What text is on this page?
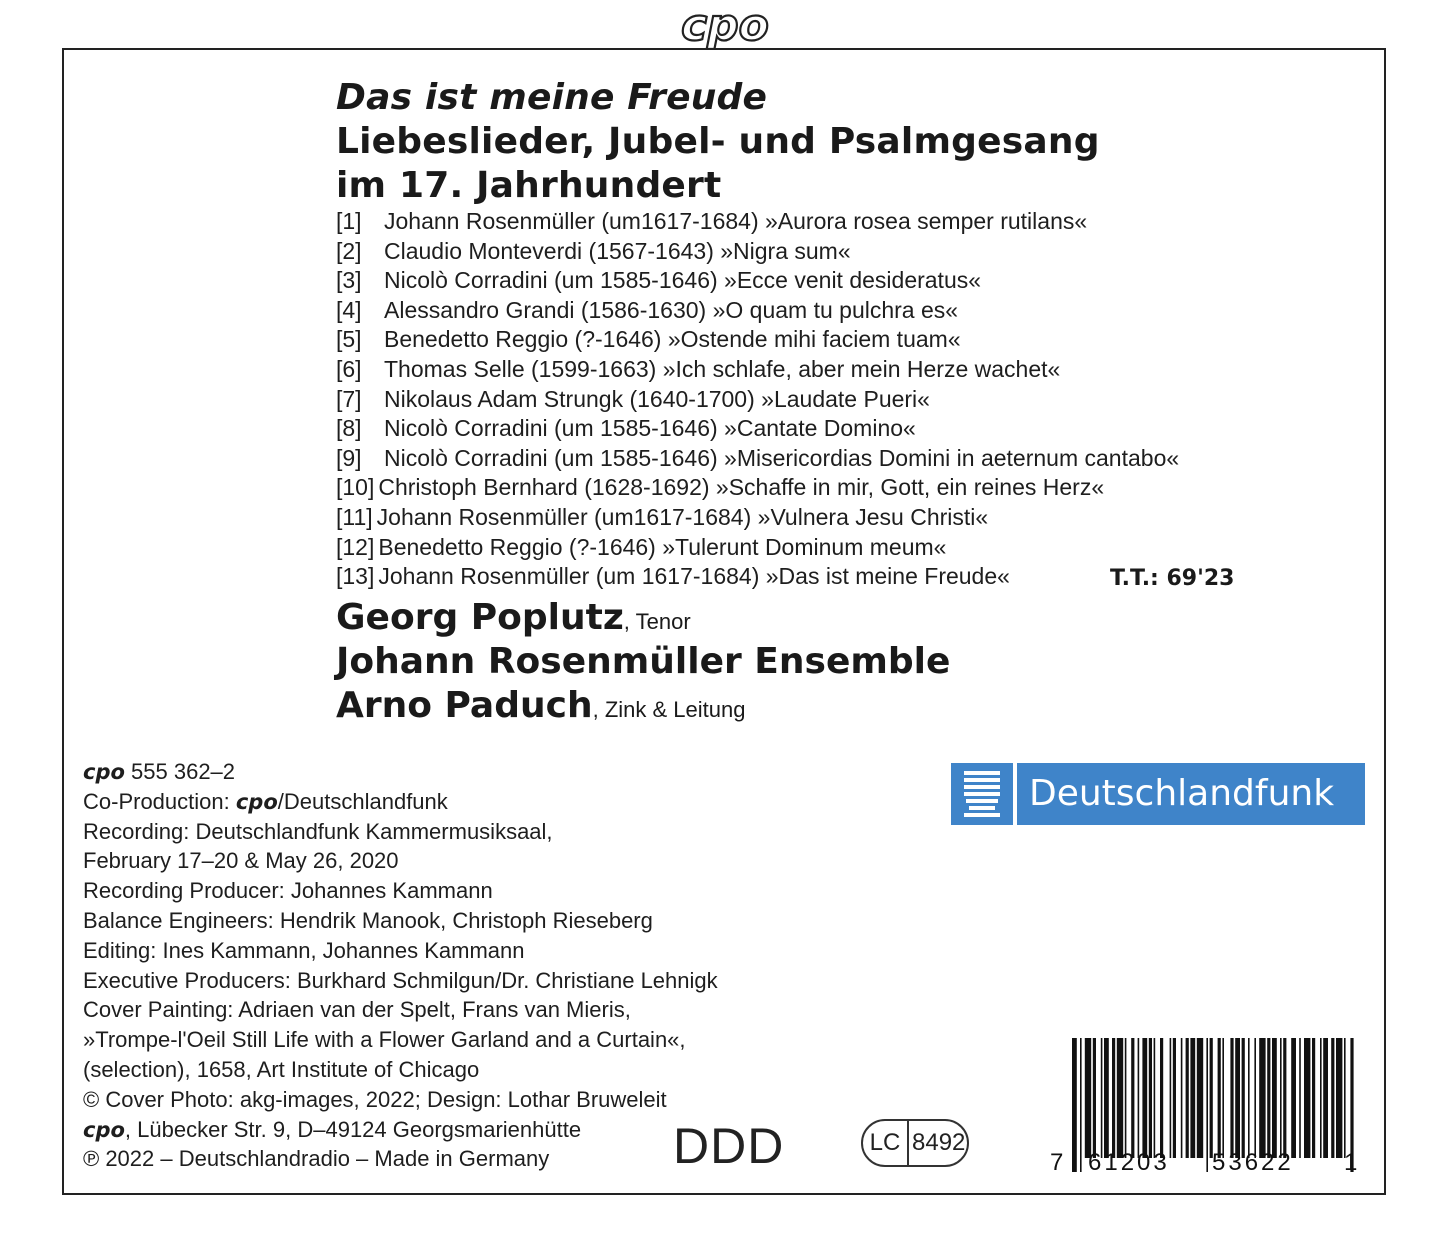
cpo
Das ist meine Freude
Liebeslieder, Jubel- und Psalmgesang
im 17. Jahrhundert
[1] Johann Rosenmüller (um1617-1684) »Aurora rosea semper rutilans«
[2] Claudio Monteverdi (1567-1643) »Nigra sum«
[3] Nicolò Corradini (um 1585-1646) »Ecce venit desideratus«
[4] Alessandro Grandi (1586-1630) »O quam tu pulchra es«
[5] Benedetto Reggio (?-1646) »Ostende mihi faciem tuam«
[6] Thomas Selle (1599-1663) »Ich schlafe, aber mein Herze wachet«
[7] Nikolaus Adam Strungk (1640-1700) »Laudate Pueri«
[8] Nicolò Corradini (um 1585-1646) »Cantate Domino«
[9] Nicolò Corradini (um 1585-1646) »Misericordias Domini in aeternum cantabo«
[10] Christoph Bernhard (1628-1692) »Schaffe in mir, Gott, ein reines Herz«
[11] Johann Rosenmüller (um1617-1684) »Vulnera Jesu Christi«
[12] Benedetto Reggio (?-1646) »Tulerunt Dominum meum«
[13] Johann Rosenmüller (um 1617-1684) »Das ist meine Freude«	T.T.: 69'23
Georg Poplutz, Tenor
Johann Rosenmüller Ensemble
Arno Paduch, Zink & Leitung
cpo 555 362–2
Co-Production: cpo/Deutschlandfunk
Recording: Deutschlandfunk Kammermusiksaal,
February 17–20 & May 26, 2020
Recording Producer: Johannes Kammann
Balance Engineers: Hendrik Manook, Christoph Rieseberg
Editing: Ines Kammann, Johannes Kammann
Executive Producers: Burkhard Schmilgun/Dr. Christiane Lehnigk
Cover Painting: Adriaen van der Spelt, Frans van Mieris,
»Trompe-l'Oeil Still Life with a Flower Garland and a Curtain«,
(selection), 1658, Art Institute of Chicago
© Cover Photo: akg-images, 2022; Design: Lothar Bruweleit
cpo, Lübecker Str. 9, D–49124 Georgsmarienhütte
℗ 2022 – Deutschlandradio – Made in Germany
Deutschlandfunk
DDD	LC 8492
7 61203 53622 1
